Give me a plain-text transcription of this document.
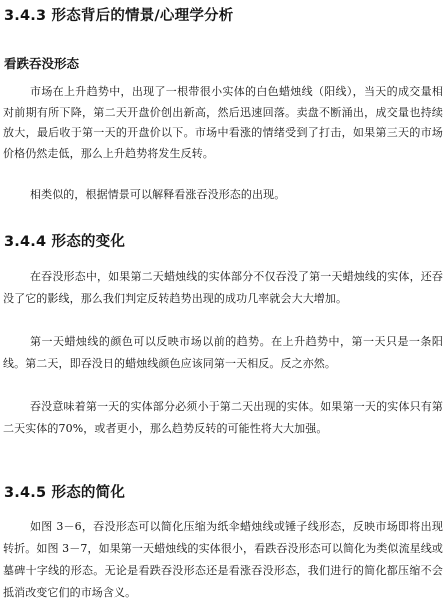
3.4.3 形态背后的情景/心理学分析
看跌吞没形态

市场在上升趋势中，出现了一根带很小实体的白色蜡烛线（阳线），当天的成交量相对前期有所下降，第二天开盘价创出新高，然后迅速回落。卖盘不断涌出，成交量也持续放大，最后收于第一天的开盘价以下。市场中看涨的情绪受到了打击，如果第三天的市场价格仍然走低，那么上升趋势将发生反转。

相类似的，根据情景可以解释看涨吞没形态的出现。

3.4.4 形态的变化

在吞没形态中，如果第二天蜡烛线的实体部分不仅吞没了第一天蜡烛线的实体，还吞没了它的影线，那么我们判定反转趋势出现的成功几率就会大大增加。

第一天蜡烛线的颜色可以反映市场以前的趋势。在上升趋势中，第一天只是一条阳线。第二天，即吞没日的蜡烛线颜色应该同第一天相反。反之亦然。

吞没意味着第一天的实体部分必须小于第二天出现的实体。如果第一天的实体只有第二天实体的70%，或者更小，那么趋势反转的可能性将大大加强。

3.4.5 形态的简化

如图 3－6，吞没形态可以简化压缩为纸伞蜡烛线或锤子线形态，反映市场即将出现转折。如图 3－7，如果第一天蜡烛线的实体很小，看跌吞没形态可以简化为类似流星线或墓碑十字线的形态。无论是看跌吞没形态还是看涨吞没形态，我们进行的简化都压缩不会抵消改变它们的市场含义。
